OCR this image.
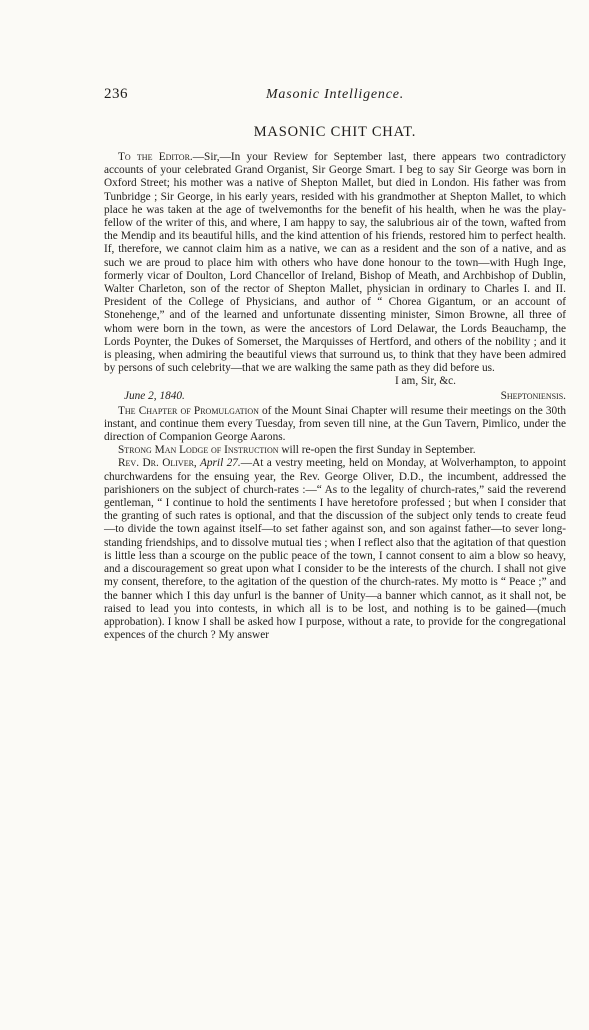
236	Masonic Intelligence.
MASONIC CHIT CHAT.

To the Editor.—Sir,—In your Review for September last, there appears two contradictory accounts of your celebrated Grand Organist, Sir George Smart. I beg to say Sir George was born in Oxford Street; his mother was a native of Shepton Mallet, but died in London. His father was from Tunbridge ; Sir George, in his early years, resided with his grandmother at Shepton Mallet, to which place he was taken at the age of twelvemonths for the benefit of his health, when he was the play-fellow of the writer of this, and where, I am happy to say, the salubrious air of the town, wafted from the Mendip and its beautiful hills, and the kind attention of his friends, restored him to perfect health. If, therefore, we cannot claim him as a native, we can as a resident and the son of a native, and as such we are proud to place him with others who have done honour to the town—with Hugh Inge, formerly vicar of Doulton, Lord Chancellor of Ireland, Bishop of Meath, and Archbishop of Dublin, Walter Charleton, son of the rector of Shepton Mallet, physician in ordinary to Charles I. and II. President of the College of Physicians, and author of “ Chorea Gigantum, or an account of Stonehenge,” and of the learned and unfortunate dissenting minister, Simon Browne, all three of whom were born in the town, as were the ancestors of Lord Delawar, the Lords Beauchamp, the Lords Poynter, the Dukes of Somerset, the Marquisses of Hertford, and others of the nobility ; and it is pleasing, when admiring the beautiful views that surround us, to think that they have been admired by persons of such celebrity—that we are walking the same path as they did before us.

I am, Sir, &c.

June 2, 1840.	Sheptoniensis.

The Chapter of Promulgation of the Mount Sinai Chapter will resume their meetings on the 30th instant, and continue them every Tuesday, from seven till nine, at the Gun Tavern, Pimlico, under the direction of Companion George Aarons.

Strong Man Lodge of Instruction will re-open the first Sunday in September.

Rev. Dr. Oliver, April 27.—At a vestry meeting, held on Monday, at Wolverhampton, to appoint churchwardens for the ensuing year, the Rev. George Oliver, D.D., the incumbent, addressed the parishioners on the subject of church-rates :—“ As to the legality of church-rates,” said the reverend gentleman, “ I continue to hold the sentiments I have heretofore professed ; but when I consider that the granting of such rates is optional, and that the discussion of the subject only tends to create feud —to divide the town against itself—to set father against son, and son against father—to sever long-standing friendships, and to dissolve mutual ties ; when I reflect also that the agitation of that question is little less than a scourge on the public peace of the town, I cannot consent to aim a blow so heavy, and a discouragement so great upon what I consider to be the interests of the church. I shall not give my consent, therefore, to the agitation of the question of the church-rates. My motto is “ Peace ;” and the banner which I this day unfurl is the banner of Unity—a banner which cannot, as it shall not, be raised to lead you into contests, in which all is to be lost, and nothing is to be gained—(much approbation). I know I shall be asked how I purpose, without a rate, to provide for the congregational expences of the church ? My answer
